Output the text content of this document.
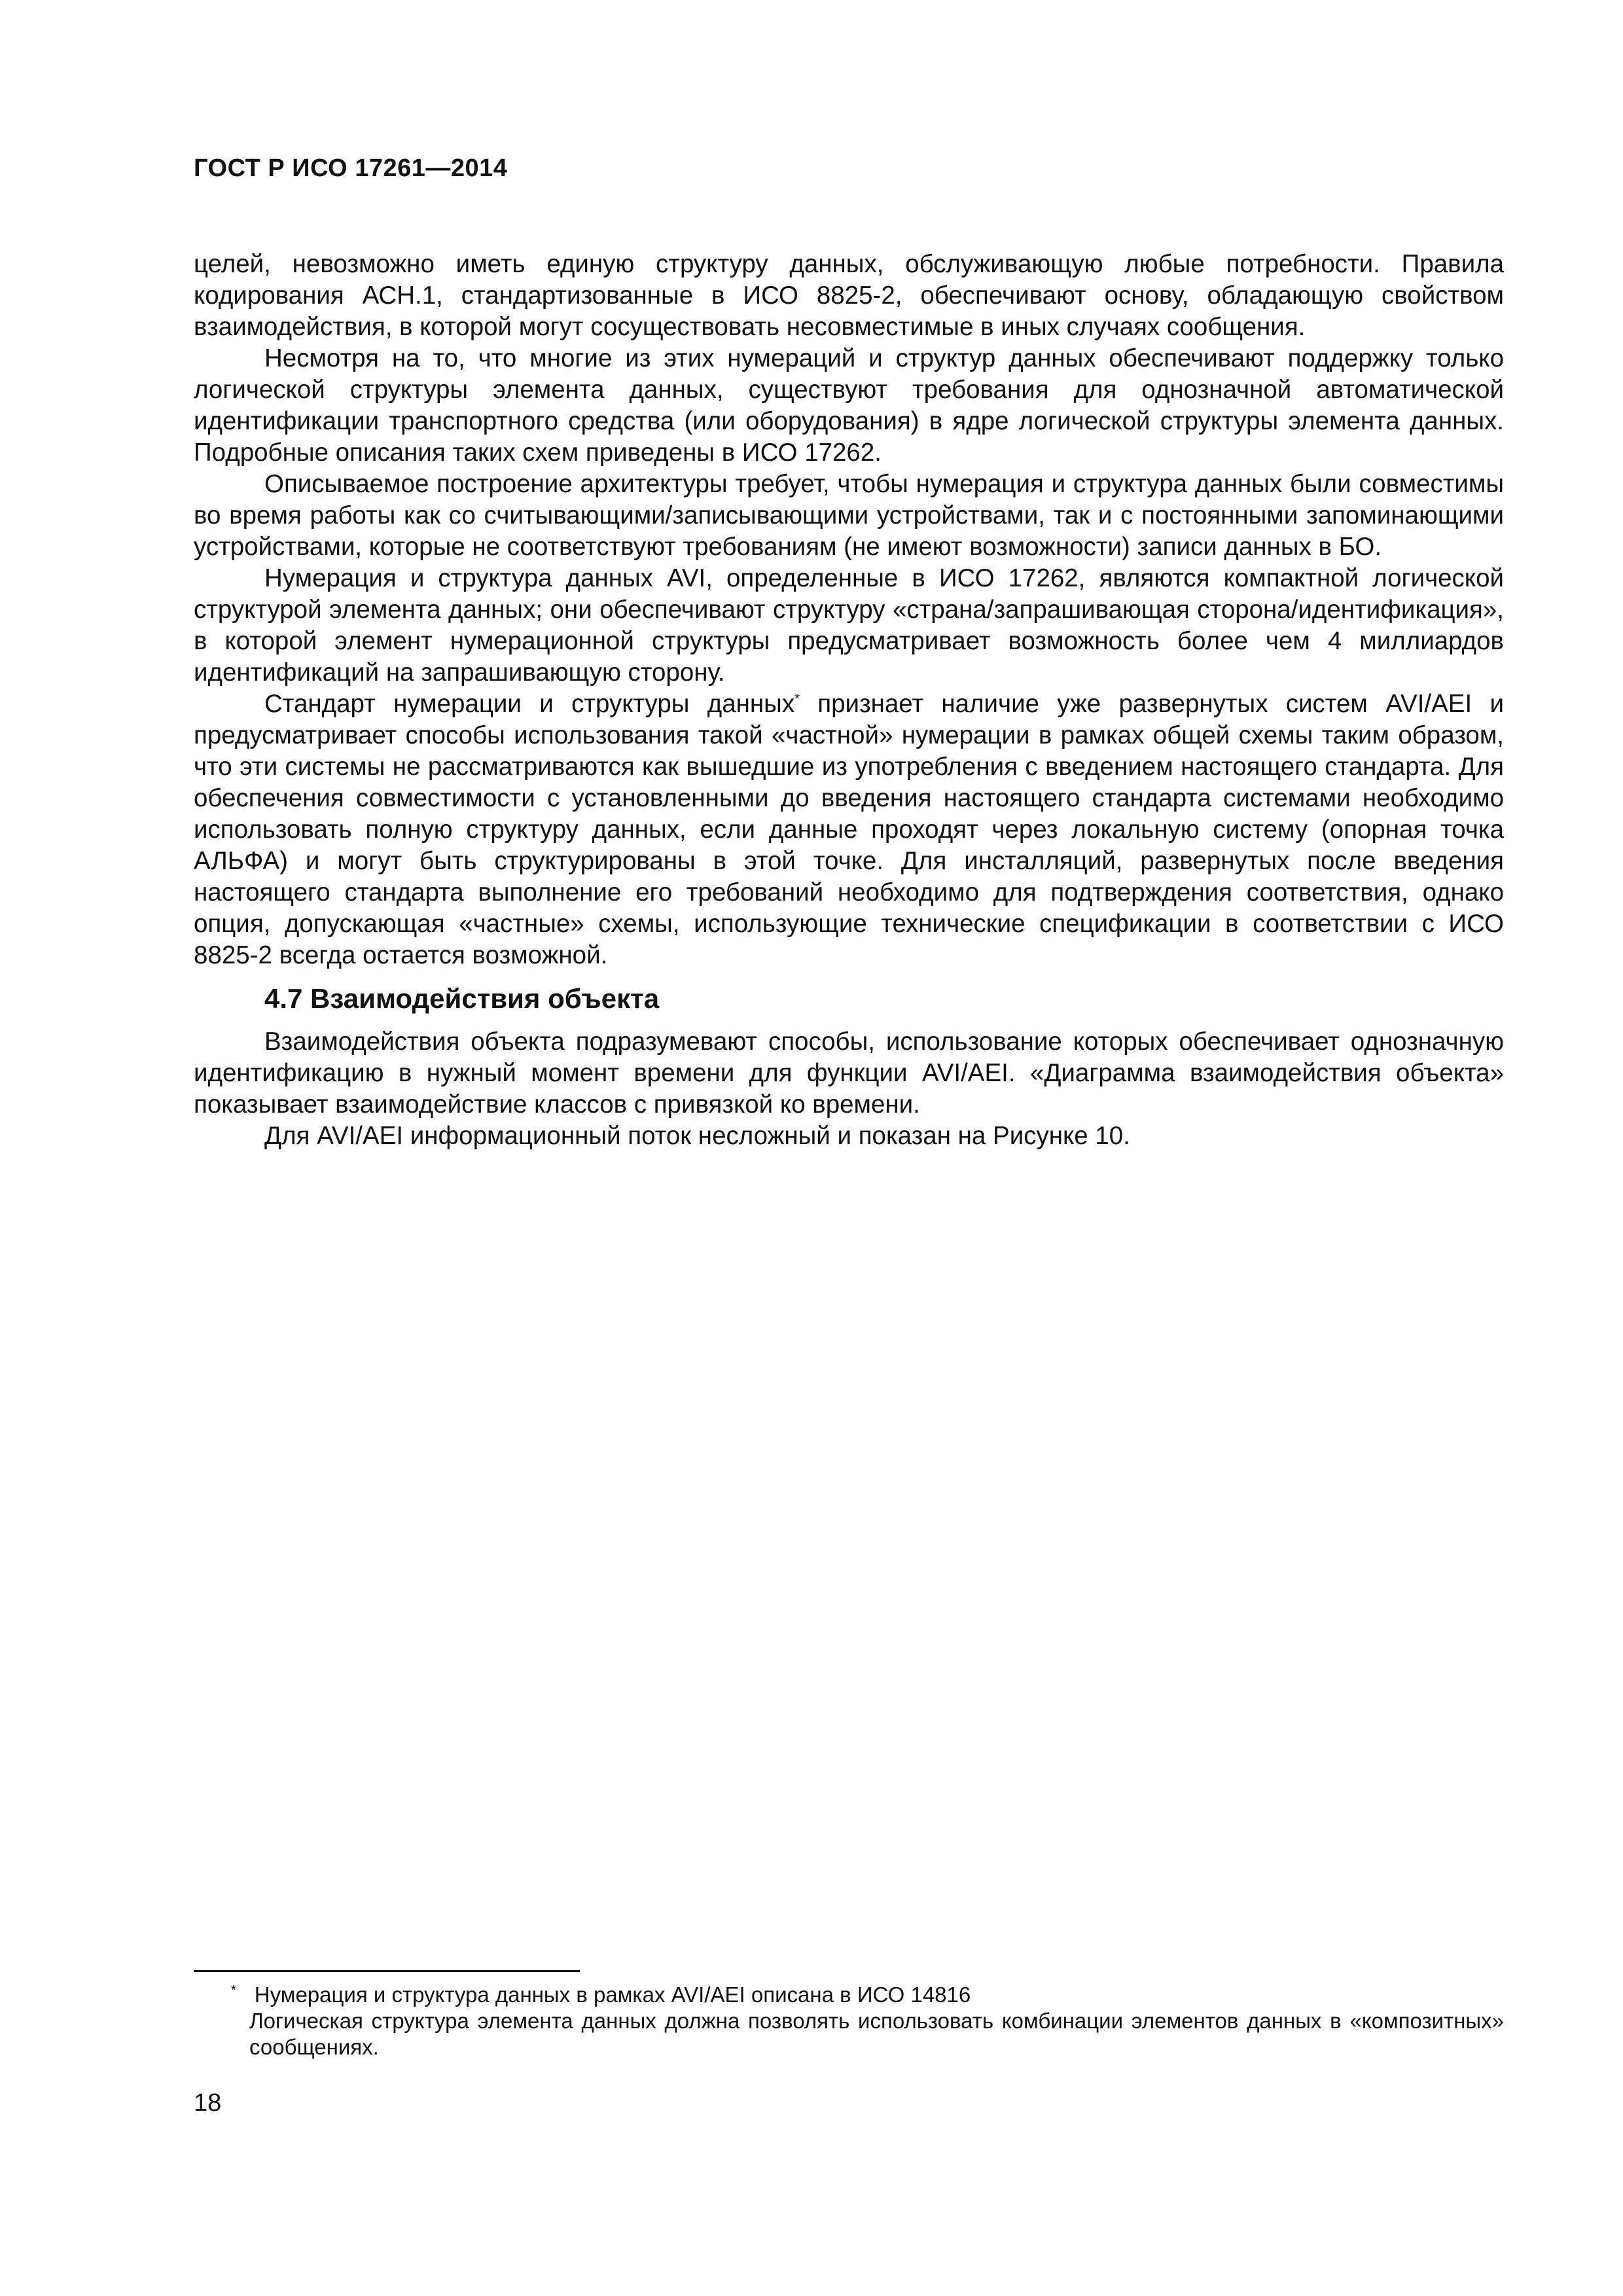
ГОСТ Р ИСО 17261—2014

целей, невозможно иметь единую структуру данных, обслуживающую любые потребности. Правила кодирования АСН.1, стандартизованные в ИСО 8825-2, обеспечивают основу, обладающую свойством взаимодействия, в которой могут сосуществовать несовместимые в иных случаях сообщения.

Несмотря на то, что многие из этих нумераций и структур данных обеспечивают поддержку только логической структуры элемента данных, существуют требования для однозначной автоматической идентификации транспортного средства (или оборудования) в ядре логической структуры элемента данных. Подробные описания таких схем приведены в ИСО 17262.

Описываемое построение архитектуры требует, чтобы нумерация и структура данных были совместимы во время работы как со считывающими/записывающими устройствами, так и с постоянными запоминающими устройствами, которые не соответствуют требованиям (не имеют возможности) записи данных в БО.

Нумерация и структура данных AVI, определенные в ИСО 17262, являются компактной логической структурой элемента данных; они обеспечивают структуру «страна/запрашивающая сторона/идентификация», в которой элемент нумерационной структуры предусматривает возможность более чем 4 миллиардов идентификаций на запрашивающую сторону.

Стандарт нумерации и структуры данных* признает наличие уже развернутых систем AVI/AEI и предусматривает способы использования такой «частной» нумерации в рамках общей схемы таким образом, что эти системы не рассматриваются как вышедшие из употребления с введением настоящего стандарта. Для обеспечения совместимости с установленными до введения настоящего стандарта системами необходимо использовать полную структуру данных, если данные проходят через локальную систему (опорная точка АЛЬФА) и могут быть структурированы в этой точке. Для инсталляций, развернутых после введения настоящего стандарта выполнение его требований необходимо для подтверждения соответствия, однако опция, допускающая «частные» схемы, использующие технические спецификации в соответствии с ИСО 8825-2 всегда остается возможной.

4.7 Взаимодействия объекта

Взаимодействия объекта подразумевают способы, использование которых обеспечивает однозначную идентификацию в нужный момент времени для функции AVI/AEI. «Диаграмма взаимодействия объекта» показывает взаимодействие классов с привязкой ко времени.

Для AVI/AEI информационный поток несложный и показан на Рисунке 10.

* Нумерация и структура данных в рамках AVI/AEI описана в ИСО 14816

Логическая структура элемента данных должна позволять использовать комбинации элементов данных в «композитных» сообщениях.

18
